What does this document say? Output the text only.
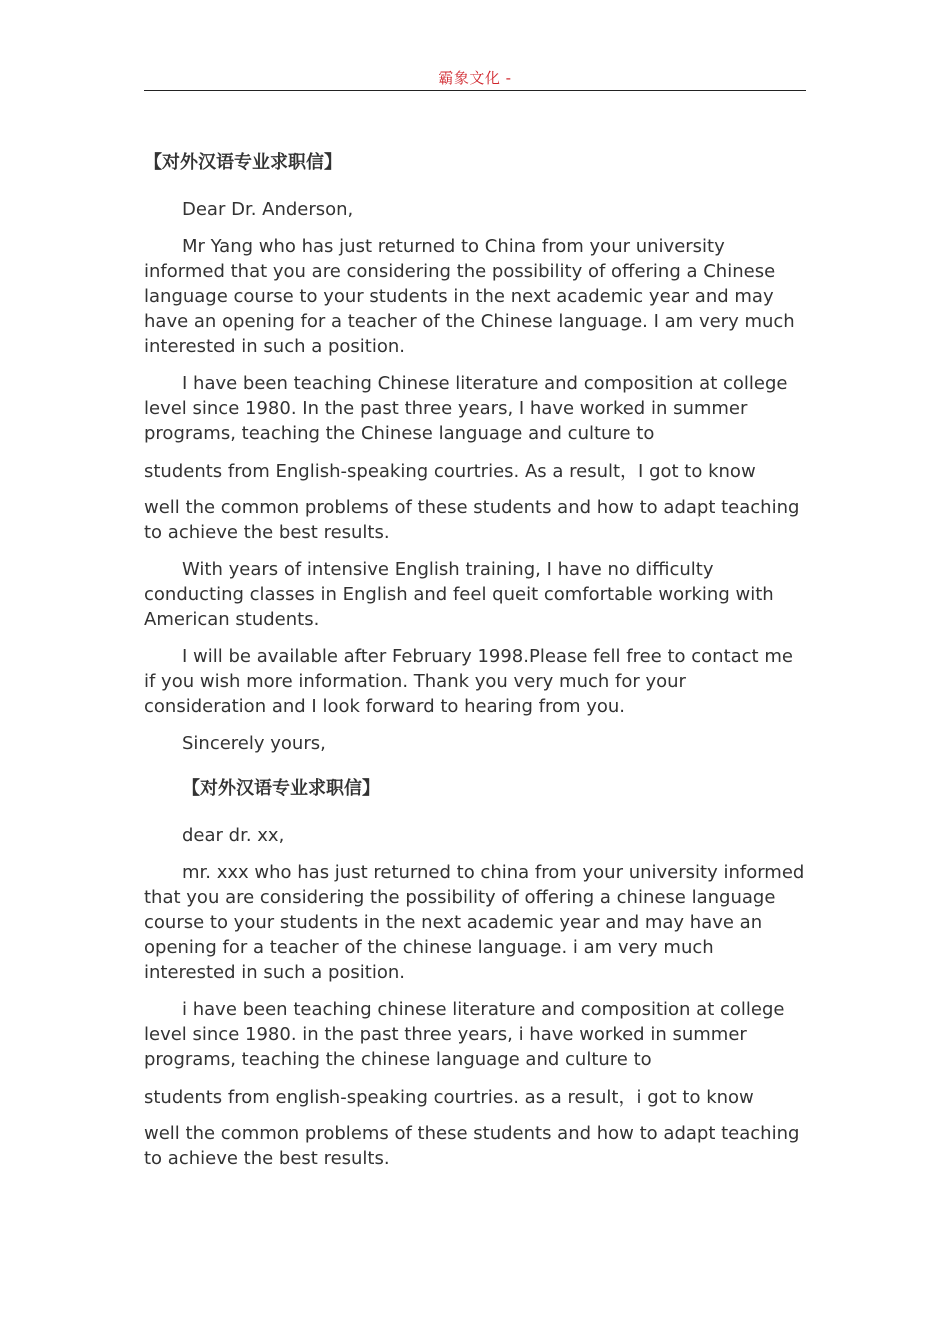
霸象文化 -
【对外汉语专业求职信】

Dear Dr. Anderson,

Mr Yang who has just returned to China from your university informed that you are considering the possibility of offering a Chinese language course to your students in the next academic year and may have an opening for a teacher of the Chinese language. I am very much interested in such a position.

I have been teaching Chinese literature and composition at college level since 1980. In the past three years, I have worked in summer programs, teaching the Chinese language and culture to

students from English-speaking courtries. As a result，I got to know

well the common problems of these students and how to adapt teaching to achieve the best results.

With years of intensive English training, I have no difficulty conducting classes in English and feel queit comfortable working with American students.

I will be available after February 1998.Please fell free to contact me if you wish more information. Thank you very much for your consideration and I look forward to hearing from you.

Sincerely yours,

【对外汉语专业求职信】

dear dr. xx,

mr. xxx who has just returned to china from your university informed that you are considering the possibility of offering a chinese language course to your students in the next academic year and may have an opening for a teacher of the chinese language. i am very much interested in such a position.

i have been teaching chinese literature and composition at college level since 1980. in the past three years, i have worked in summer programs, teaching the chinese language and culture to

students from english-speaking courtries. as a result，i got to know

well the common problems of these students and how to adapt teaching to achieve the best results.
